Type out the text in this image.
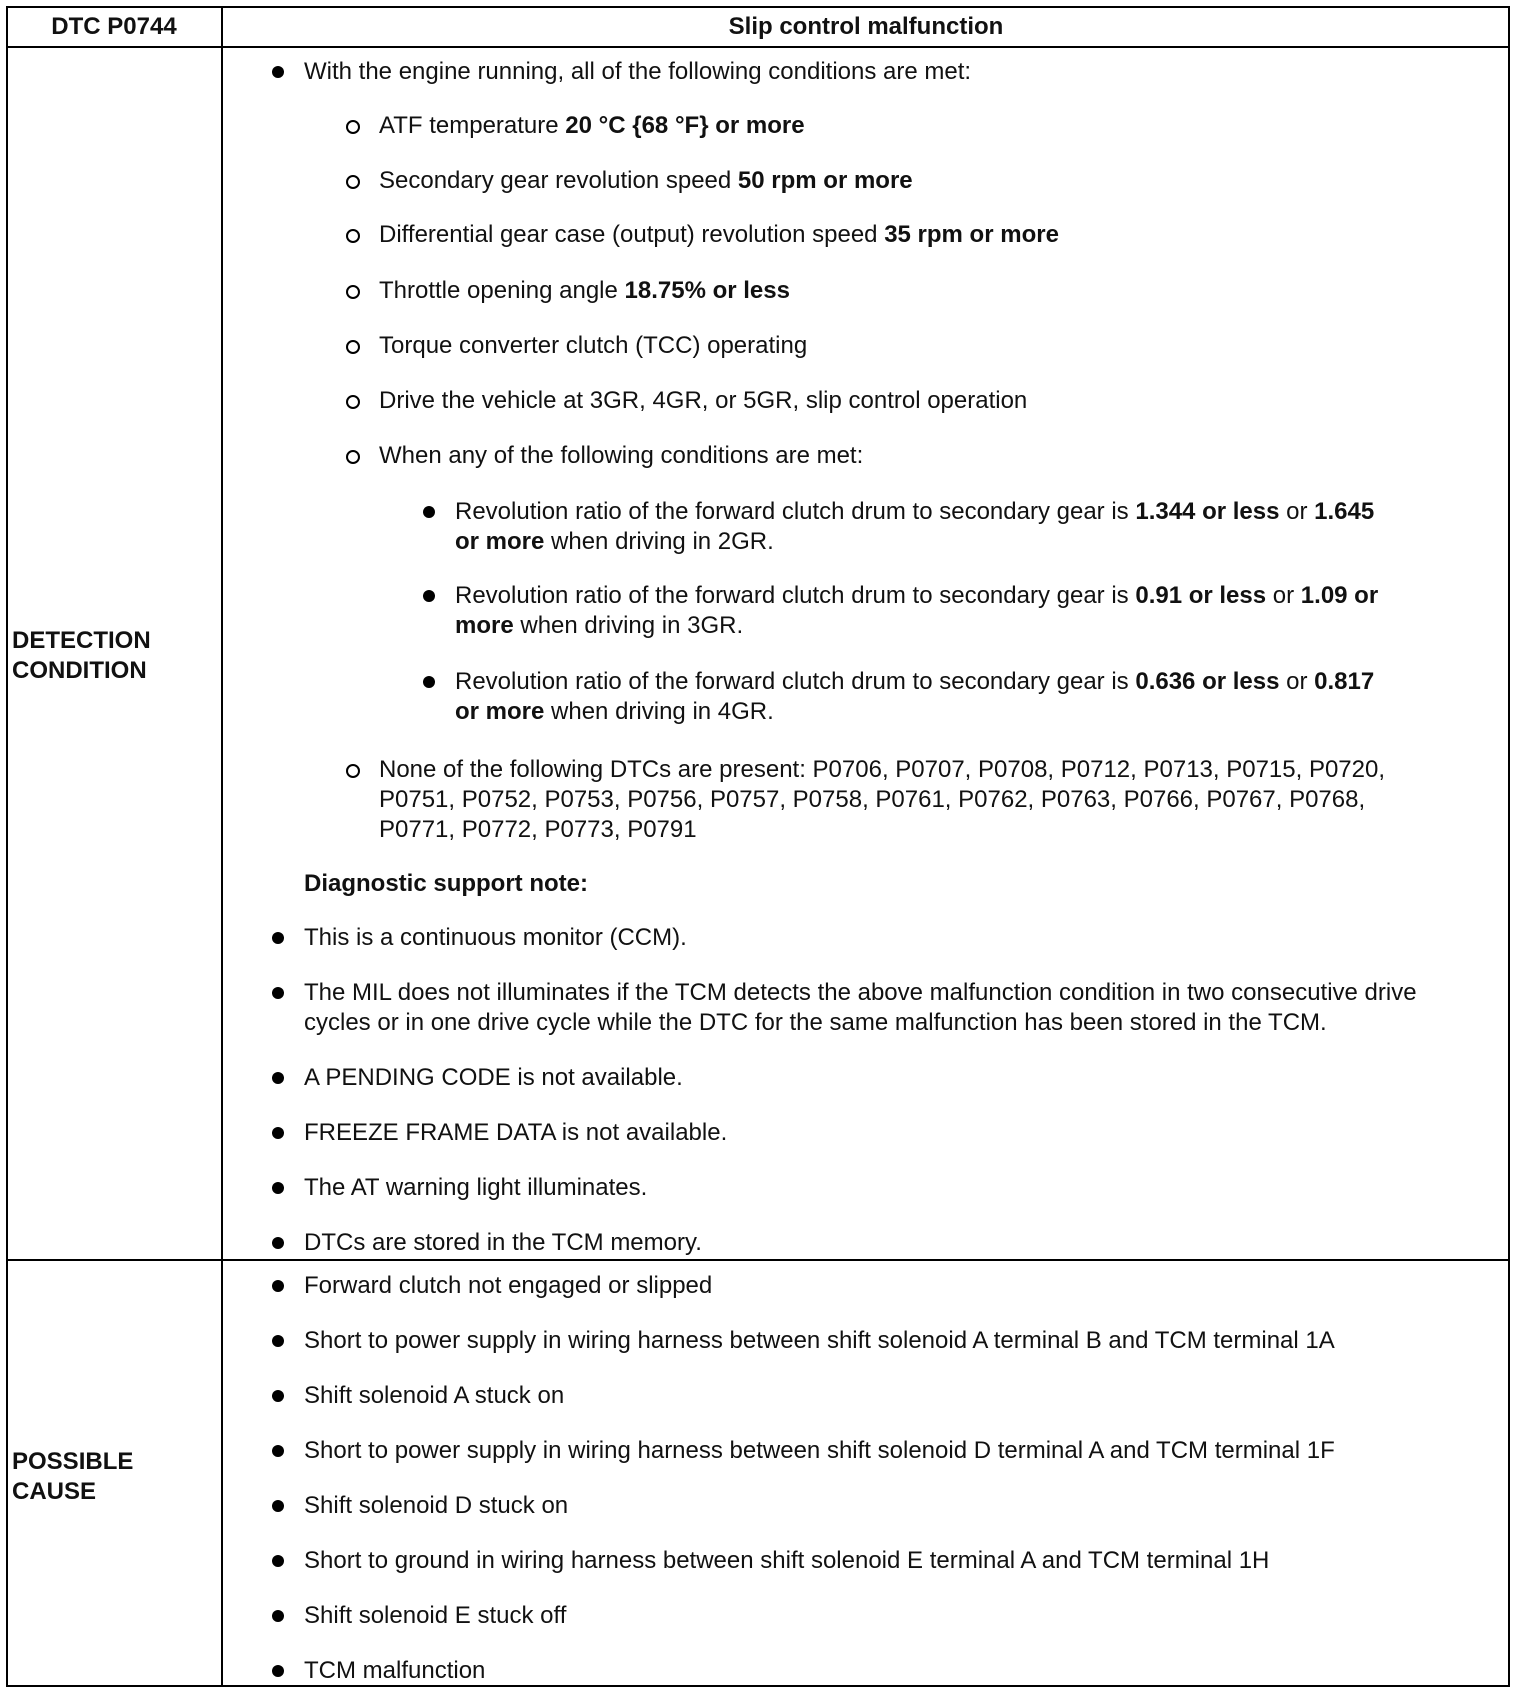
DTC P0744	Slip control malfunction
DETECTION
CONDITION
With the engine running, all of the following conditions are met:
ATF temperature 20 °C {68 °F} or more
Secondary gear revolution speed 50 rpm or more
Differential gear case (output) revolution speed 35 rpm or more
Throttle opening angle 18.75% or less
Torque converter clutch (TCC) operating
Drive the vehicle at 3GR, 4GR, or 5GR, slip control operation
When any of the following conditions are met:
Revolution ratio of the forward clutch drum to secondary gear is 1.344 or less or 1.645
or more when driving in 2GR.
Revolution ratio of the forward clutch drum to secondary gear is 0.91 or less or 1.09 or
more when driving in 3GR.
Revolution ratio of the forward clutch drum to secondary gear is 0.636 or less or 0.817
or more when driving in 4GR.
None of the following DTCs are present: P0706, P0707, P0708, P0712, P0713, P0715, P0720,
P0751, P0752, P0753, P0756, P0757, P0758, P0761, P0762, P0763, P0766, P0767, P0768,
P0771, P0772, P0773, P0791
Diagnostic support note:
This is a continuous monitor (CCM).
The MIL does not illuminates if the TCM detects the above malfunction condition in two consecutive drive
cycles or in one drive cycle while the DTC for the same malfunction has been stored in the TCM.
A PENDING CODE is not available.
FREEZE FRAME DATA is not available.
The AT warning light illuminates.
DTCs are stored in the TCM memory.
POSSIBLE
CAUSE
Forward clutch not engaged or slipped
Short to power supply in wiring harness between shift solenoid A terminal B and TCM terminal 1A
Shift solenoid A stuck on
Short to power supply in wiring harness between shift solenoid D terminal A and TCM terminal 1F
Shift solenoid D stuck on
Short to ground in wiring harness between shift solenoid E terminal A and TCM terminal 1H
Shift solenoid E stuck off
TCM malfunction
